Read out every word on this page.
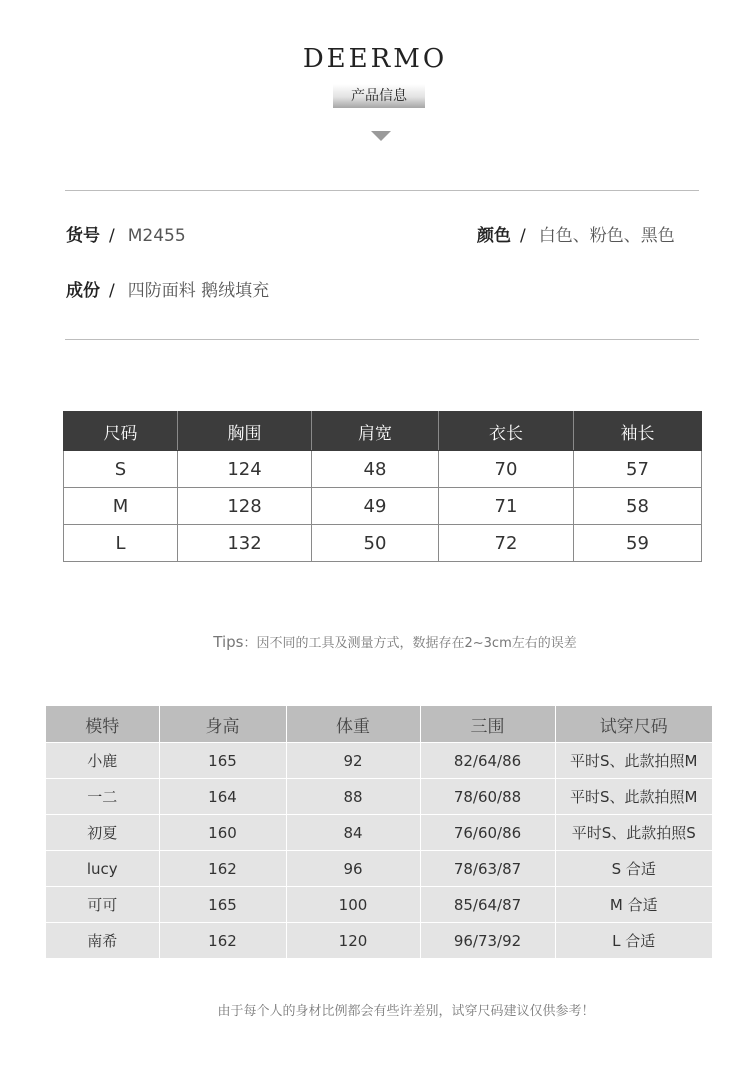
DEERMO
产品信息
货号 / M2455	颜色 / 白色、粉色、黑色
成份 / 四防面料 鹅绒填充
尺码	胸围	肩宽	衣长	袖长
S	124	48	70	57
M	128	49	71	58
L	132	50	72	59
Tips：因不同的工具及测量方式，数据存在2~3cm左右的误差
模特	身高	体重	三围	试穿尺码
小鹿	165	92	82/64/86	平时S、此款拍照M
一二	164	88	78/60/88	平时S、此款拍照M
初夏	160	84	76/60/86	平时S、此款拍照S
lucy	162	96	78/63/87	S 合适
可可	165	100	85/64/87	M 合适
南希	162	120	96/73/92	L 合适
由于每个人的身材比例都会有些许差别，试穿尺码建议仅供参考！
